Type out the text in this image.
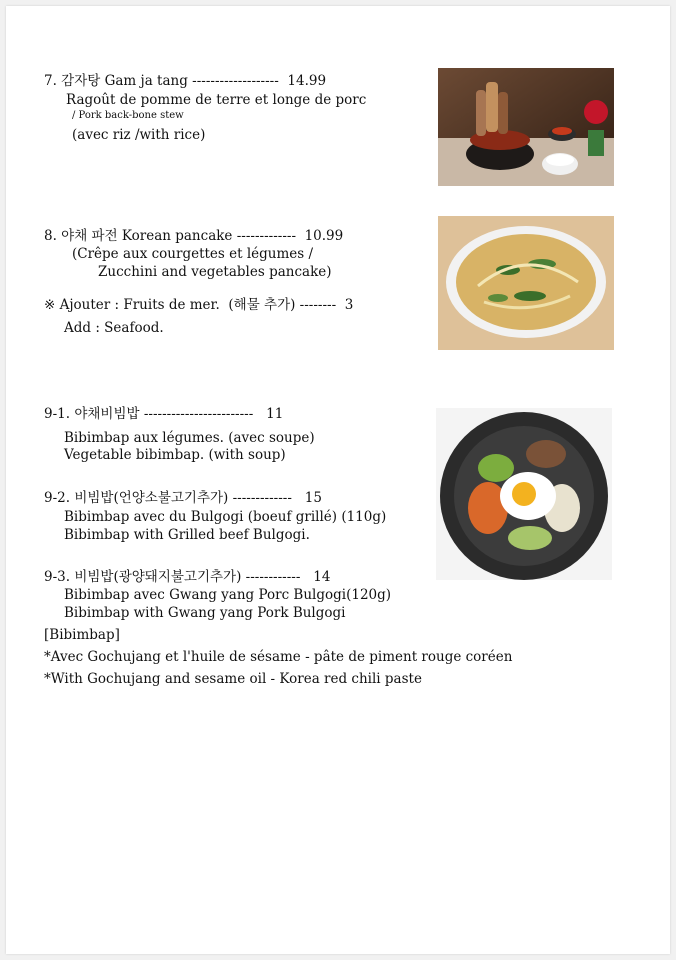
7. 감자탕 Gam ja tang -------------------  14.99
Ragoût de pomme de terre et longe de porc
/ Pork back-bone stew
(avec riz /with rice)
8. 야채 파전 Korean pancake -------------  10.99
(Crêpe aux courgettes et légumes /
Zucchini and vegetables pancake)
※ Ajouter : Fruits de mer.  (해물 추가) --------  3
Add : Seafood.
9-1. 야채비빔밥 ------------------------   11
Bibimbap aux légumes. (avec soupe)
Vegetable bibimbap. (with soup)
9-2. 비빔밥(언양소불고기추가) -------------   15
Bibimbap avec du Bulgogi (boeuf grillé) (110g)
Bibimbap with Grilled beef Bulgogi.
9-3. 비빔밥(광양돼지불고기추가) ------------   14
Bibimbap avec Gwang yang Porc Bulgogi(120g)
Bibimbap with Gwang yang Pork Bulgogi
[Bibimbap]
*Avec Gochujang et l'huile de sésame - pâte de piment rouge coréen
*With Gochujang and sesame oil - Korea red chili paste
